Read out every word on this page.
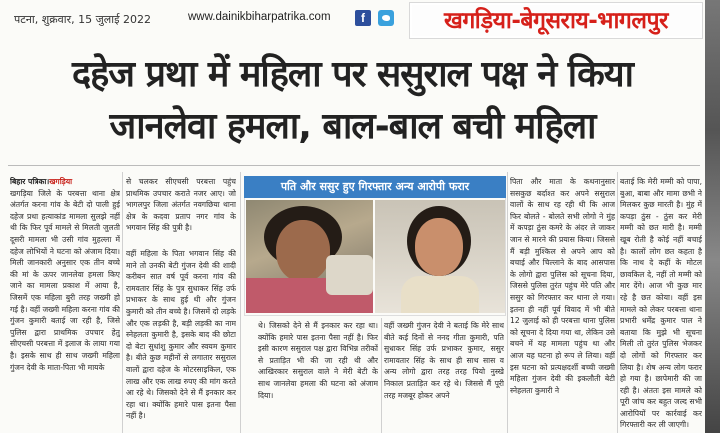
पटना, शुक्रवार, 15 जुलाई 2022	www.dainikbiharpatrika.com	f	खगड़िया-बेगूसराय-भागलपुर
दहेज प्रथा में महिला पर ससुराल पक्ष ने किया
जानलेवा हमला, बाल-बाल बची महिला
बिहार पत्रिका।खगड़िया
खगड़िया जिले के परबत्ता थाना क्षेत्र अंतर्गत करना गांव के बेटी दो पाली हुई दहेज प्रथा हत्याकांड मामला सुलझे नहीं थी कि फिर पूर्व मामले से मिलती जुलती दूसरी मामला भी उसी गांव मुहल्ला में दहेज लोभियों ने घटना को अंजाम दिया। मिली जानकारी अनुसार एक तीन बच्चे की मां के ऊपर जानलेवा हमला किए जाने का मामला प्रकाश में आया है, जिसमें एक महिला बुरी तरह जख्मी हो गई है। वहीं जख्मी महिला करना गांव की गुंजन कुमारी बताई जा रही है, जिसे पुलिस द्वारा प्राथमिक उपचार हेतु सीएचसी परबत्ता में इलाज के लाया गया है। इसके साथ ही साथ जख्मी महिला गुंजन देवी के माता-पिता भी मायके
से चलकर सीएचसी परबत्ता पहुंच प्राथमिक उपचार कराते नजर आए। जो भागलपुर जिला अंतर्गत नवगछिया थाना क्षेत्र के कदवा प्रताप नगर गांव के भगवान सिंह की पुत्री है।
वहीं महिला के पिता भगवान सिंह की माने तो उनकी बेटी गुंजन देवी की शादी करीबन सात वर्ष पूर्व करना गांव की रामवतार सिंह के पुत्र सुधाकर सिंह उर्फ प्रभाकर के साथ हुई थी और गुंजन कुमारी को तीन बच्चे है। जिसमें दो लड़के और एक लड़की है, बड़ी लड़की का नाम स्नेहलता कुमारी है, इसके बाद की छोटा दो बेटा सुधांशु कुमार और स्वयम कुमार है। बीते कुछ महीनों से लगातार ससुराल वालों द्वारा दहेज के मोटरसाइकिल, एक लाख और एक लाख रुपए की मांग करते आ रहे थे। जिसको देने से मैं इनकार कर रहा था। क्योंकि हमारे पास इतना पैसा नहीं है।
पति और ससुर हुए गिरफ्तार अन्य आरोपी फरार
थे। जिसको देने से मैं इनकार कर रहा था। क्योंकि हमारे पास इतना पैसा नहीं है। फिर इसी कारण ससुराल पक्ष द्वारा विभिन्न तरीकों से प्रताड़ित भी की जा रही थी और आखिरकार ससुराल वाले ने मेरी बेटी के साथ जानलेवा हमला की घटना को अंजाम दिया।
वहीं जख्मी गुंजन देवी ने बताई कि मेरे साथ बीते कई दिनों से ननद गीता कुमारी, पति सुधाकर सिंह उर्फ प्रभाकर कुमार, ससुर रामावतार सिंह के साथ ही साथ सास व अन्य लोगो द्वारा तरह तरह पियो नुस्खे निकाल प्रताड़ित कर रहे थे। जिससे मैं पूरी तरह मजबूर होकर अपने
पिता और माता के कथनानुसार ससकुछ बर्दाश्त कर अपने ससुराल वालों के साथ रह रही थी कि आज फिर बोलते - बोलते सभी लोगो ने मुंह में कपड़ा ठुंस कमरे के अंदर ले जाकर जान से मारने की प्रयास किया। जिससे मैं बड़ी मुश्किल से अपने आप को बचाई और चिल्लाने के बाद आसपास के लोगो द्वारा पुलिस को सूचना दिया, जिससे पुलिस तुरंत पहुंच मेरे पति और ससुर को गिरफ्तार कर थाना ले गया। इतना ही नहीं पूर्व विवाद में भी बीते 12 जुलाई को ही परबत्ता थाना पुलिस को सूचना दे दिया गया था, लेकिन उसे बचने में यह मामला पहुंच था और आज यह घटना हो रूप ले लिया। वहीं इस घटना को प्रत्यक्षदर्शी बच्ची जख्मी महिला गुंजन देवी की इकलौती बेटी स्नेहलता कुमारी ने
बताई कि मेरी मम्मी को पापा, बुआ, बाबा और मामा छभी ने मिलकर कुछ मारती है। मुंह में कपड़ा ठुंस - ठुंस कर मेरी मम्मी को छत मारी है। मम्मी खूब रोती है कोई नहीं बचाई है। कालों लोग छत कहता है कि नाथ दे कहीं के मोटल छावकिल दे, नहीं तो मम्मी को मार देंगे। आज भी कुछ मार रहे है छत कोया। वहीं इस मामले को लेकर परबत्ता थाना प्रभारी धर्मेंद्र कुमार पाल ने बताया कि मुझे भी सूचना मिली तो तुरंत पुलिस भेजकर दो लोगों को गिरफ्तार कर लिया है। शेष अन्य लोग फरार हो गया है। छापेमारी की जा रही है। अंततः इस मामले को पूरी जांच कर बहुत जल्द सभी आरोपियों पर कार्रवाई कर गिरफ्तारी कर ली जाएगी।
